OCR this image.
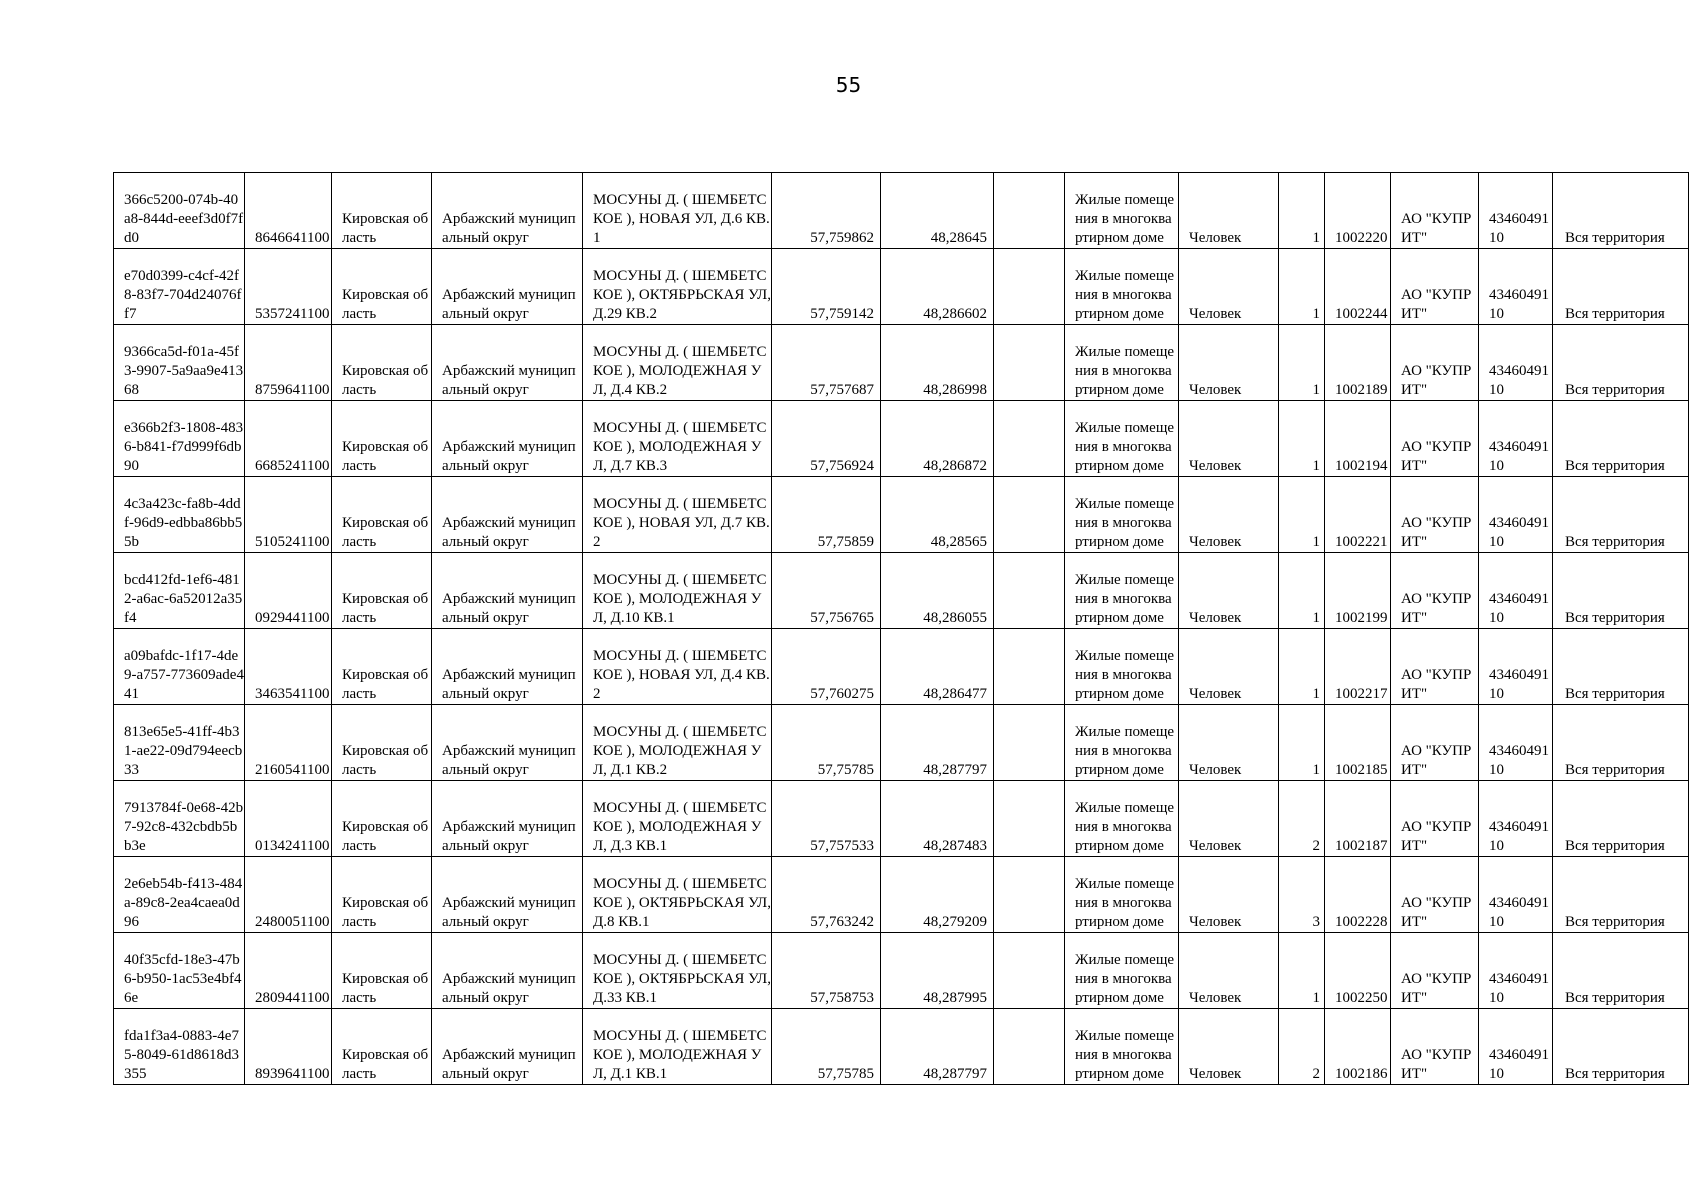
55
366c5200-074b-40a8-844d-eeef3d0f7fd0	8646641100	Кировская область	Арбажский муниципальный округ	МОСУНЫ Д. ( ШЕМБЕТСКОЕ ), НОВАЯ УЛ, Д.6 КВ.1	57,759862	48,28645		Жилые помещения в многоквартирном доме	Человек	1	1002220	АО "КУПРИТ"	4346049110	Вся территория
e70d0399-c4cf-42f8-83f7-704d24076ff7	5357241100	Кировская область	Арбажский муниципальный округ	МОСУНЫ Д. ( ШЕМБЕТСКОЕ ), ОКТЯБРЬСКАЯ УЛ, Д.29 КВ.2	57,759142	48,286602		Жилые помещения в многоквартирном доме	Человек	1	1002244	АО "КУПРИТ"	4346049110	Вся территория
9366ca5d-f01a-45f3-9907-5a9aa9e41368	8759641100	Кировская область	Арбажский муниципальный округ	МОСУНЫ Д. ( ШЕМБЕТСКОЕ ), МОЛОДЕЖНАЯ УЛ, Д.4 КВ.2	57,757687	48,286998		Жилые помещения в многоквартирном доме	Человек	1	1002189	АО "КУПРИТ"	4346049110	Вся территория
e366b2f3-1808-4836-b841-f7d999f6db90	6685241100	Кировская область	Арбажский муниципальный округ	МОСУНЫ Д. ( ШЕМБЕТСКОЕ ), МОЛОДЕЖНАЯ УЛ, Д.7 КВ.3	57,756924	48,286872		Жилые помещения в многоквартирном доме	Человек	1	1002194	АО "КУПРИТ"	4346049110	Вся территория
4c3a423c-fa8b-4ddf-96d9-edbba86bb55b	5105241100	Кировская область	Арбажский муниципальный округ	МОСУНЫ Д. ( ШЕМБЕТСКОЕ ), НОВАЯ УЛ, Д.7 КВ.2	57,75859	48,28565		Жилые помещения в многоквартирном доме	Человек	1	1002221	АО "КУПРИТ"	4346049110	Вся территория
bcd412fd-1ef6-4812-a6ac-6a52012a35f4	0929441100	Кировская область	Арбажский муниципальный округ	МОСУНЫ Д. ( ШЕМБЕТСКОЕ ), МОЛОДЕЖНАЯ УЛ, Д.10 КВ.1	57,756765	48,286055		Жилые помещения в многоквартирном доме	Человек	1	1002199	АО "КУПРИТ"	4346049110	Вся территория
a09bafdc-1f17-4de9-a757-773609ade441	3463541100	Кировская область	Арбажский муниципальный округ	МОСУНЫ Д. ( ШЕМБЕТСКОЕ ), НОВАЯ УЛ, Д.4 КВ.2	57,760275	48,286477		Жилые помещения в многоквартирном доме	Человек	1	1002217	АО "КУПРИТ"	4346049110	Вся территория
813e65e5-41ff-4b31-ae22-09d794eecb33	2160541100	Кировская область	Арбажский муниципальный округ	МОСУНЫ Д. ( ШЕМБЕТСКОЕ ), МОЛОДЕЖНАЯ УЛ, Д.1 КВ.2	57,75785	48,287797		Жилые помещения в многоквартирном доме	Человек	1	1002185	АО "КУПРИТ"	4346049110	Вся территория
7913784f-0e68-42b7-92c8-432cbdb5bb3e	0134241100	Кировская область	Арбажский муниципальный округ	МОСУНЫ Д. ( ШЕМБЕТСКОЕ ), МОЛОДЕЖНАЯ УЛ, Д.3 КВ.1	57,757533	48,287483		Жилые помещения в многоквартирном доме	Человек	2	1002187	АО "КУПРИТ"	4346049110	Вся территория
2e6eb54b-f413-484a-89c8-2ea4caea0d96	2480051100	Кировская область	Арбажский муниципальный округ	МОСУНЫ Д. ( ШЕМБЕТСКОЕ ), ОКТЯБРЬСКАЯ УЛ, Д.8 КВ.1	57,763242	48,279209		Жилые помещения в многоквартирном доме	Человек	3	1002228	АО "КУПРИТ"	4346049110	Вся территория
40f35cfd-18e3-47b6-b950-1ac53e4bf46e	2809441100	Кировская область	Арбажский муниципальный округ	МОСУНЫ Д. ( ШЕМБЕТСКОЕ ), ОКТЯБРЬСКАЯ УЛ, Д.33 КВ.1	57,758753	48,287995		Жилые помещения в многоквартирном доме	Человек	1	1002250	АО "КУПРИТ"	4346049110	Вся территория
fda1f3a4-0883-4e75-8049-61d8618d3355	8939641100	Кировская область	Арбажский муниципальный округ	МОСУНЫ Д. ( ШЕМБЕТСКОЕ ), МОЛОДЕЖНАЯ УЛ, Д.1 КВ.1	57,75785	48,287797		Жилые помещения в многоквартирном доме	Человек	2	1002186	АО "КУПРИТ"	4346049110	Вся территория
